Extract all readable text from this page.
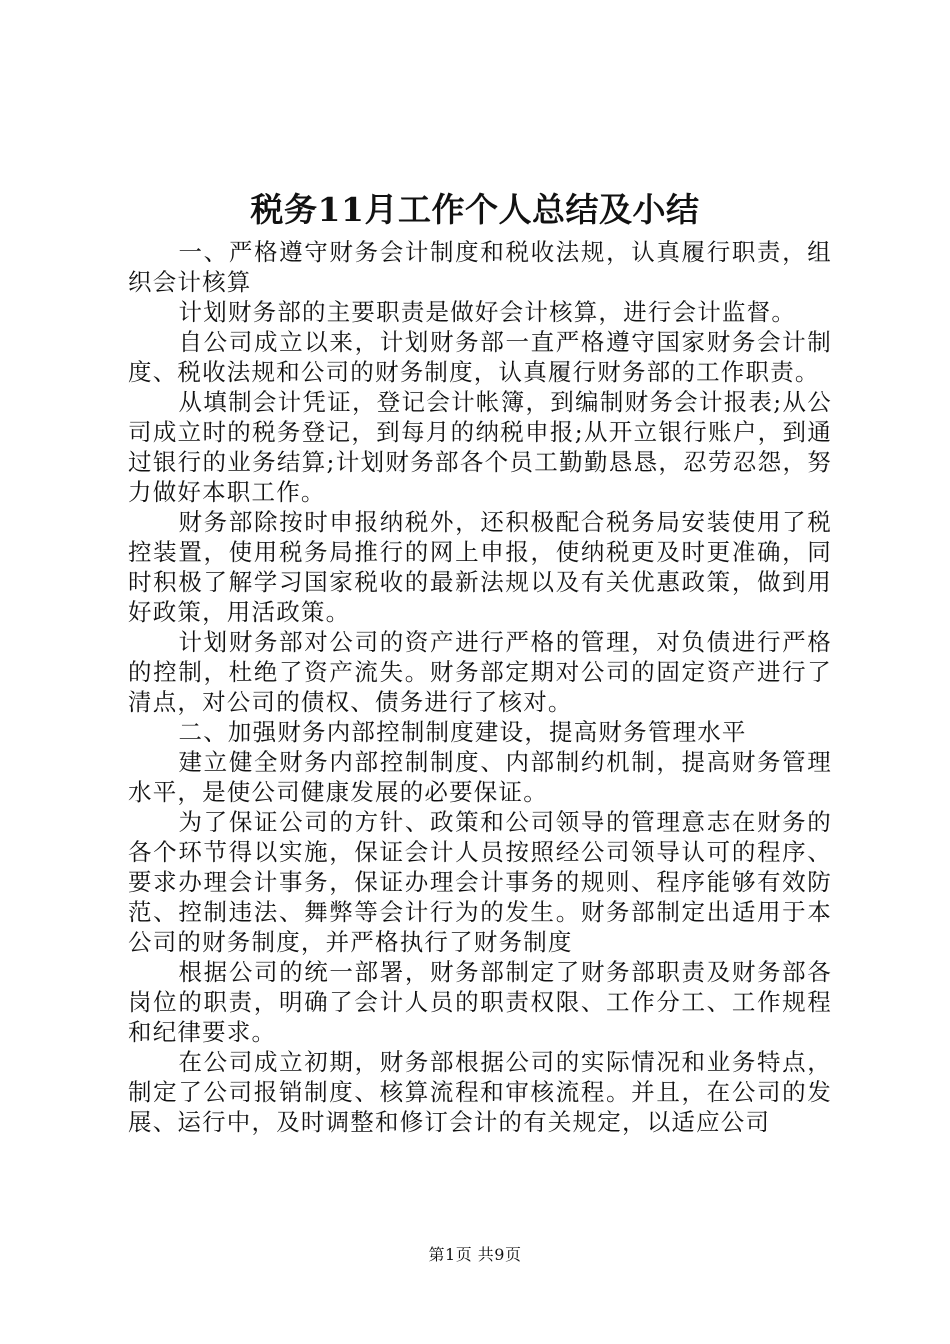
税务11月工作个人总结及小结

一、严格遵守财务会计制度和税收法规，认真履行职责，组织会计核算

计划财务部的主要职责是做好会计核算，进行会计监督。

自公司成立以来，计划财务部一直严格遵守国家财务会计制度、税收法规和公司的财务制度，认真履行财务部的工作职责。

从填制会计凭证，登记会计帐簿，到编制财务会计报表;从公司成立时的税务登记，到每月的纳税申报;从开立银行账户，到通过银行的业务结算;计划财务部各个员工勤勤恳恳，忍劳忍怨，努力做好本职工作。

财务部除按时申报纳税外，还积极配合税务局安装使用了税控装置，使用税务局推行的网上申报，使纳税更及时更准确，同时积极了解学习国家税收的最新法规以及有关优惠政策，做到用好政策，用活政策。

计划财务部对公司的资产进行严格的管理，对负债进行严格的控制，杜绝了资产流失。财务部定期对公司的固定资产进行了清点，对公司的债权、债务进行了核对。

二、加强财务内部控制制度建设，提高财务管理水平

建立健全财务内部控制制度、内部制约机制，提高财务管理水平，是使公司健康发展的必要保证。

为了保证公司的方针、政策和公司领导的管理意志在财务的各个环节得以实施，保证会计人员按照经公司领导认可的程序、要求办理会计事务，保证办理会计事务的规则、程序能够有效防范、控制违法、舞弊等会计行为的发生。财务部制定出适用于本公司的财务制度，并严格执行了财务制度

根据公司的统一部署，财务部制定了财务部职责及财务部各岗位的职责，明确了会计人员的职责权限、工作分工、工作规程和纪律要求。

在公司成立初期，财务部根据公司的实际情况和业务特点，制定了公司报销制度、核算流程和审核流程。并且，在公司的发展、运行中，及时调整和修订会计的有关规定，以适应公司

第1页 共9页
